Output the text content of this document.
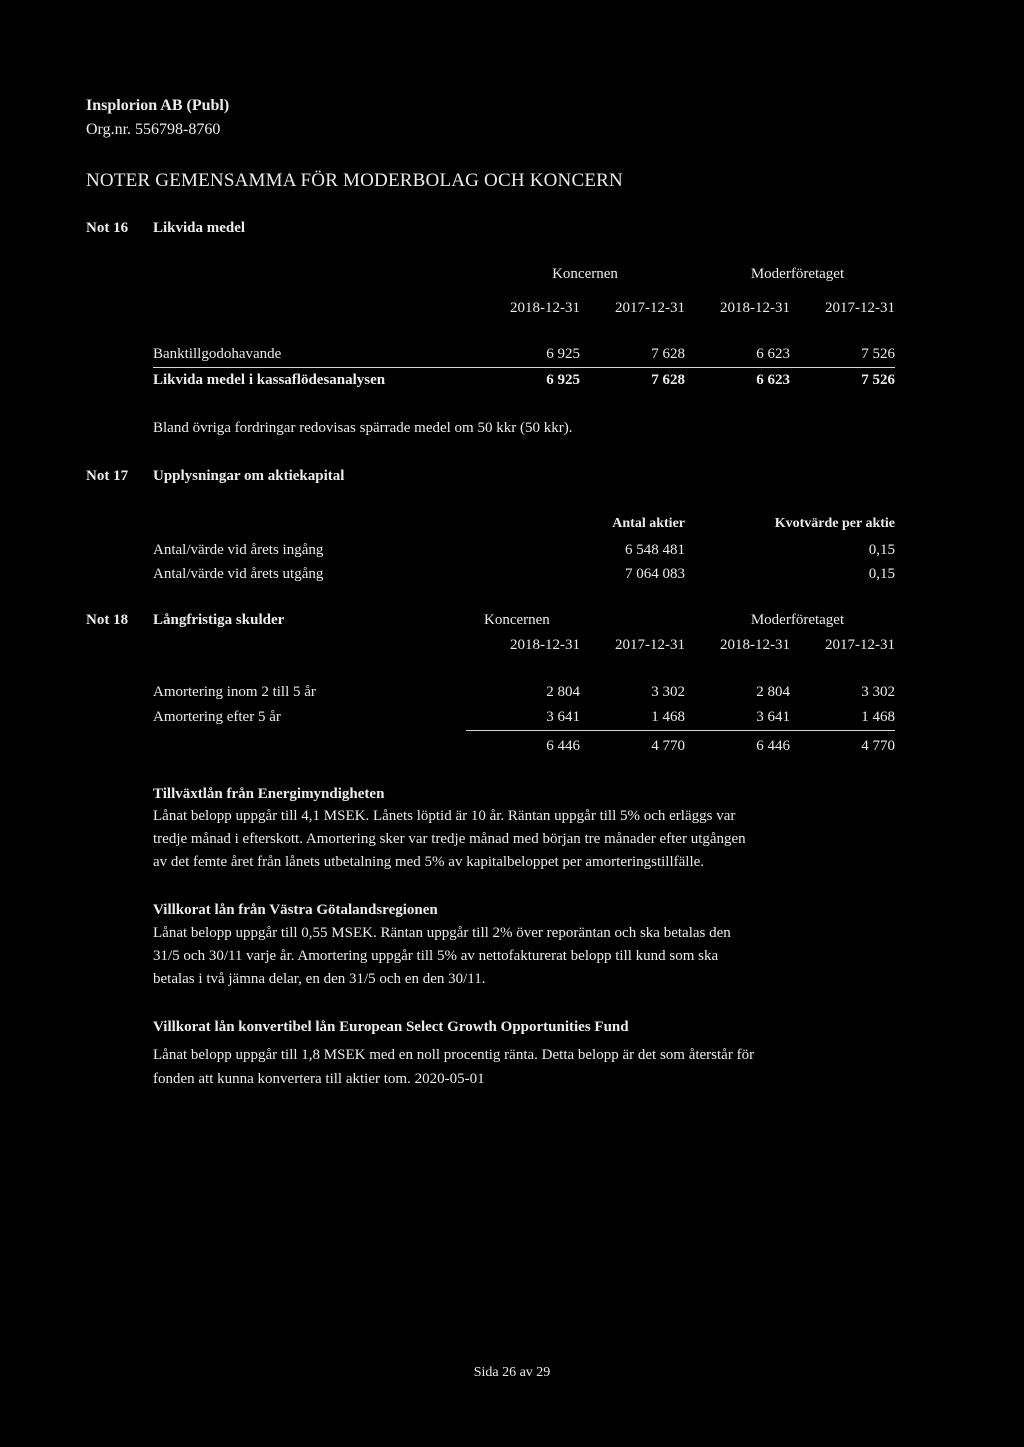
Insplorion AB (Publ)
Org.nr. 556798-8760
NOTER GEMENSAMMA FÖR MODERBOLAG OCH KONCERN
Not 16 Likvida medel
Koncernen	Moderföretaget
2018-12-31	2017-12-31	2018-12-31	2017-12-31
Banktillgodohavande	6 925	7 628	6 623	7 526
Likvida medel i kassaflödesanalysen	6 925	7 628	6 623	7 526
Bland övriga fordringar redovisas spärrade medel om 50 kkr (50 kkr).
Not 17 Upplysningar om aktiekapital
Antal aktier	Kvotvärde per aktie
Antal/värde vid årets ingång	6 548 481	0,15
Antal/värde vid årets utgång	7 064 083	0,15
Not 18 Långfristiga skulder	Koncernen	Moderföretaget
2018-12-31	2017-12-31	2018-12-31	2017-12-31
Amortering inom 2 till 5 år	2 804	3 302	2 804	3 302
Amortering efter 5 år	3 641	1 468	3 641	1 468
6 446	4 770	6 446	4 770
Tillväxtlån från Energimyndigheten
Lånat belopp uppgår till 4,1 MSEK. Lånets löptid är 10 år. Räntan uppgår till 5% och erläggs var
tredje månad i efterskott. Amortering sker var tredje månad med början tre månader efter utgången
av det femte året från lånets utbetalning med 5% av kapitalbeloppet per amorteringstillfälle.
Villkorat lån från Västra Götalandsregionen
Lånat belopp uppgår till 0,55 MSEK. Räntan uppgår till 2% över reporäntan och ska betalas den
31/5 och 30/11 varje år. Amortering uppgår till 5% av nettofakturerat belopp till kund som ska
betalas i två jämna delar, en den 31/5 och en den 30/11.
Villkorat lån konvertibel lån European Select Growth Opportunities Fund
Lånat belopp uppgår till 1,8 MSEK med en noll procentig ränta. Detta belopp är det som återstår för
fonden att kunna konvertera till aktier tom. 2020-05-01
Sida 26 av 29
